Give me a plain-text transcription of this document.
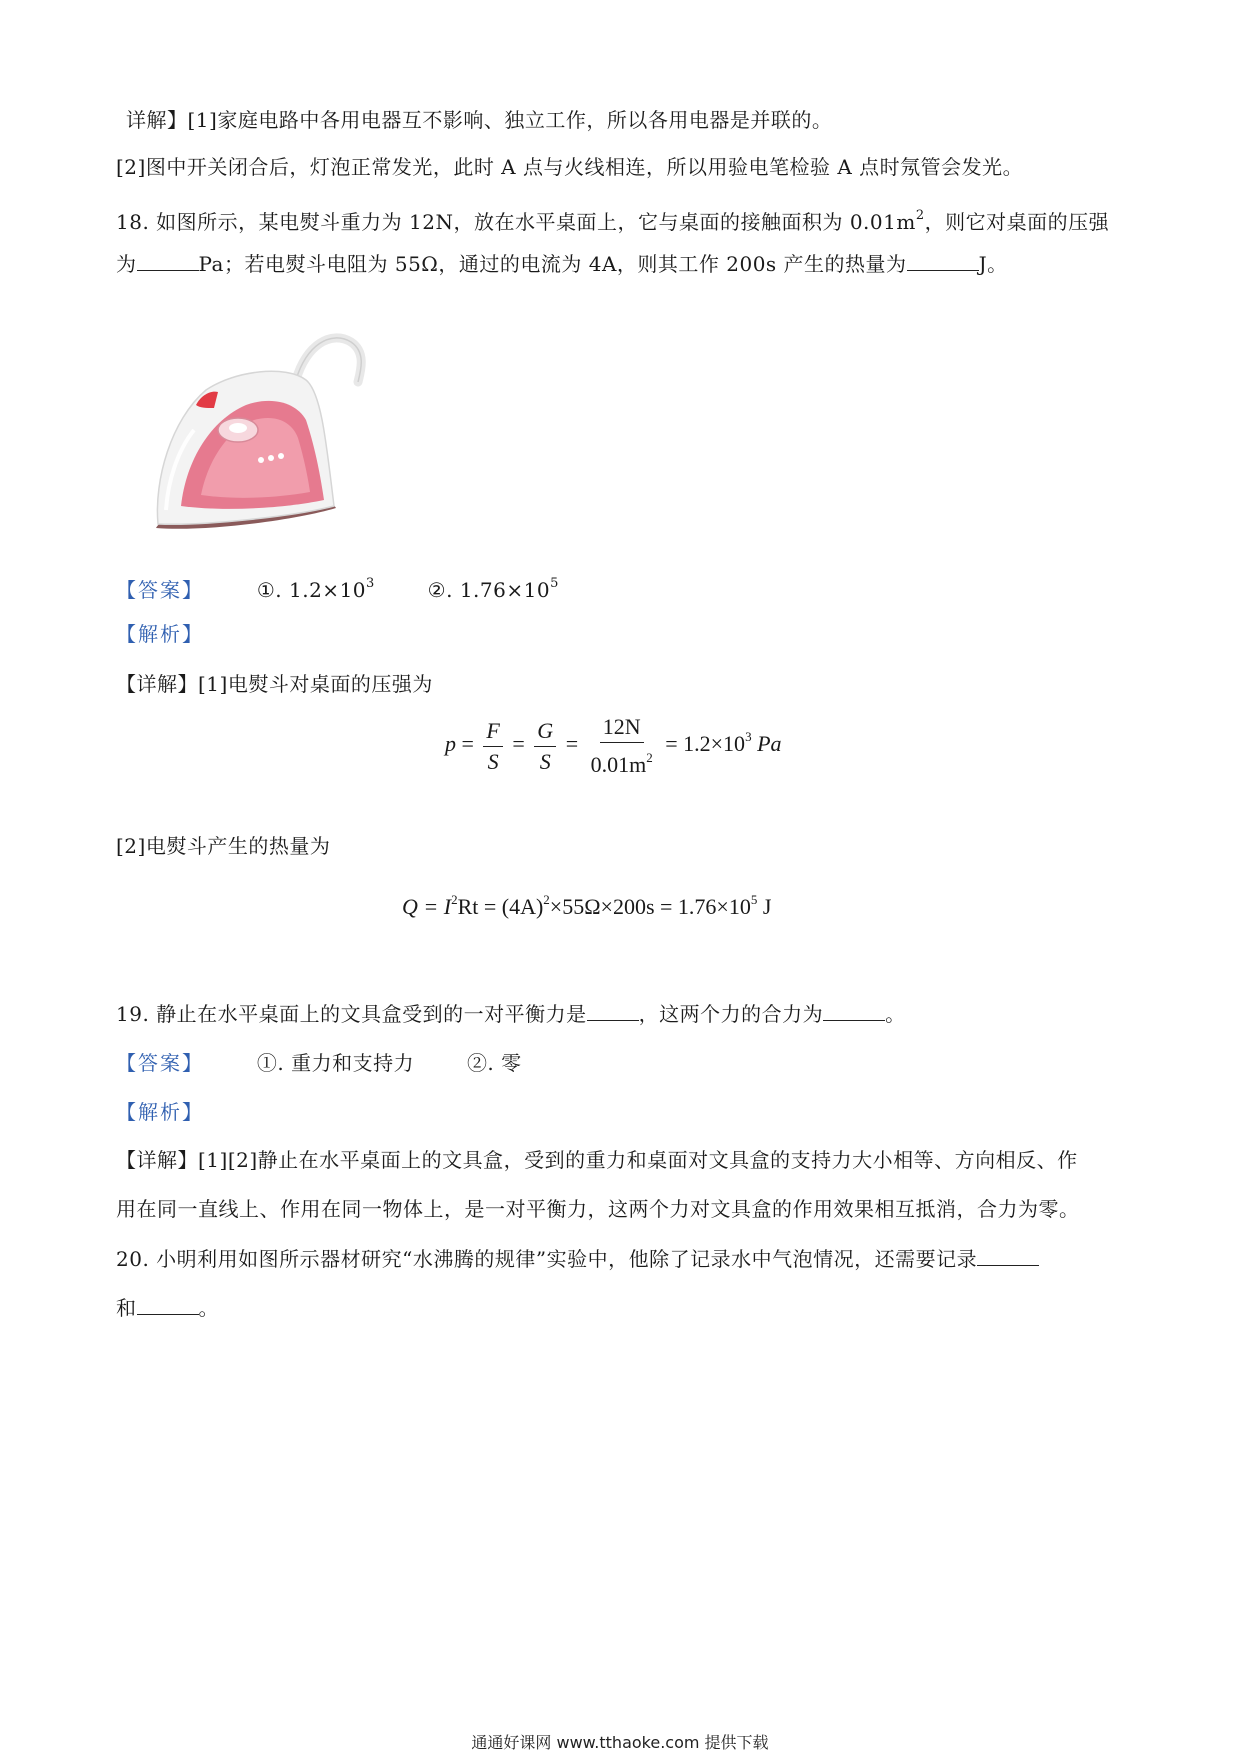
详解】[1]家庭电路中各用电器互不影响、独立工作，所以各用电器是并联的。
[2]图中开关闭合后，灯泡正常发光，此时 A 点与火线相连，所以用验电笔检验 A 点时氖管会发光。
18. 如图所示，某电熨斗重力为 12N，放在水平桌面上，它与桌面的接触面积为 $0.01m^2$，则它对桌面的压强
为	Pa；若电熨斗电阻为 55Ω，通过的电流为 4A，则其工作 200s 产生的热量为	J。
【答案】	①. $1.2\times 10^3$	②. $1.76\times 10^5$
【解析】
【详解】[1]电熨斗对桌面的压强为
$p = \frac{F}{S} = \frac{G}{S} = \frac{12N}{0.01m^2} = 1.2\times 10^3$ Pa
[2]电熨斗产生的热量为
$Q = I^2Rt = (4A)^2\times 55\Omega\times 200s = 1.76\times 10^5$ J
19. 静止在水平桌面上的文具盒受到的一对平衡力是	，这两个力的合力为	。
【答案】	①. 重力和支持力	②. 零
【解析】
【详解】[1][2]静止在水平桌面上的文具盒，受到的重力和桌面对文具盒的支持力大小相等、方向相反、作
用在同一直线上、作用在同一物体上，是一对平衡力，这两个力对文具盒的作用效果相互抵消，合力为零。
20. 小明利用如图所示器材研究“水沸腾的规律”实验中，他除了记录水中气泡情况，还需要记录
和	。
通通好课网 www.tthaoke.com 提供下载
